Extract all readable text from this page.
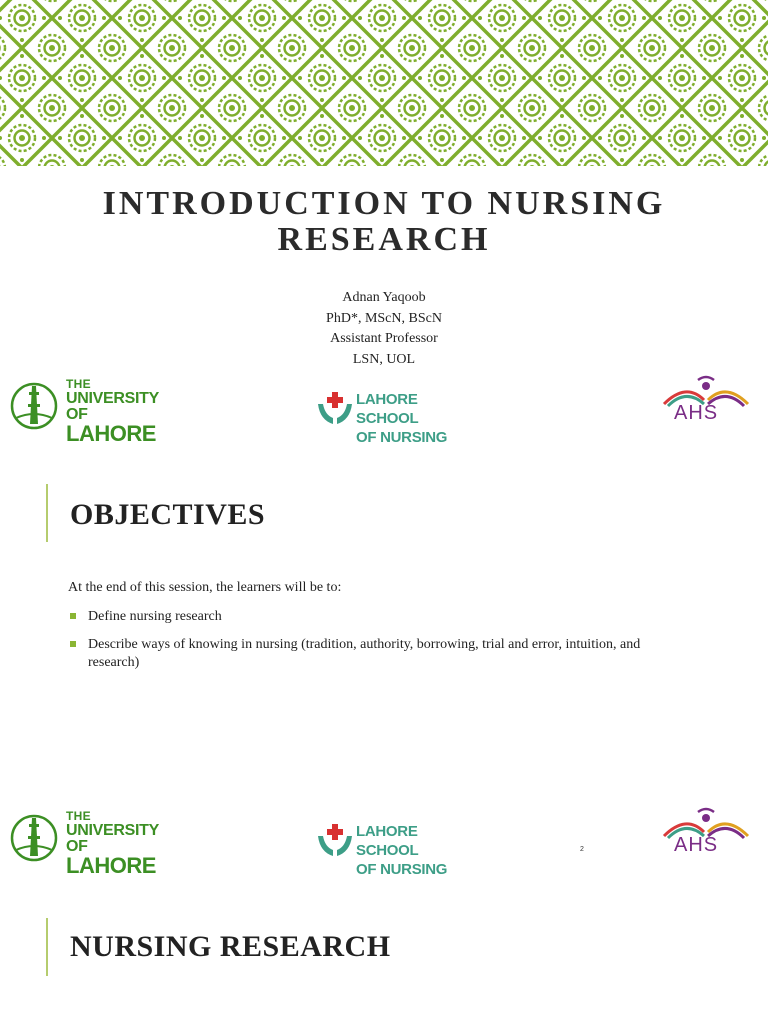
INTRODUCTION TO NURSING
RESEARCH
Adnan Yaqoob
PhD*, MScN, BScN
Assistant Professor
LSN, UOL
THE
UNIVERSITY OF
LAHORE
LAHORE SCHOOL
OF NURSING
AHS
OBJECTIVES

At the end of this session, the learners will be to:

Define nursing research
Describe ways of knowing in nursing (tradition, authority, borrowing, trial and error, intuition, and research)
THE
UNIVERSITY OF
LAHORE
LAHORE SCHOOL
OF NURSING
AHS
2
NURSING RESEARCH
